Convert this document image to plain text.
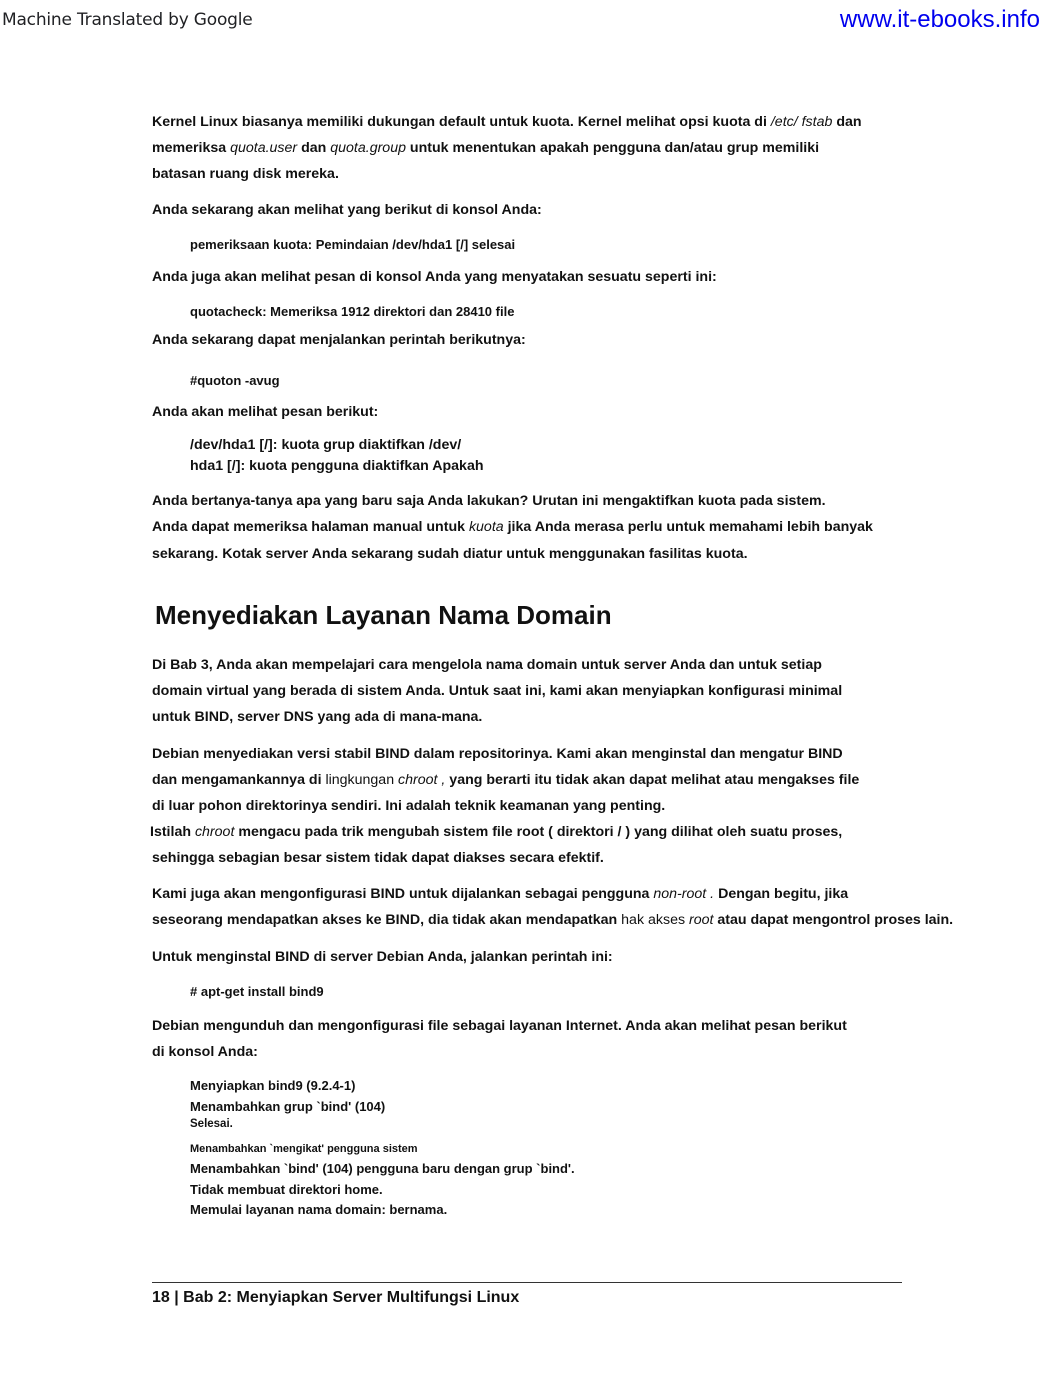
Machine Translated by Google	www.it-ebooks.info
Kernel Linux biasanya memiliki dukungan default untuk kuota. Kernel melihat opsi kuota di /etc/ fstab dan
memeriksa quota.user dan quota.group untuk menentukan apakah pengguna dan/atau grup memiliki
batasan ruang disk mereka.
Anda sekarang akan melihat yang berikut di konsol Anda:
pemeriksaan kuota: Pemindaian /dev/hda1 [/] selesai
Anda juga akan melihat pesan di konsol Anda yang menyatakan sesuatu seperti ini:
quotacheck: Memeriksa 1912 direktori dan 28410 file
Anda sekarang dapat menjalankan perintah berikutnya:
#quoton -avug
Anda akan melihat pesan berikut:
/dev/hda1 [/]: kuota grup diaktifkan /dev/
hda1 [/]: kuota pengguna diaktifkan Apakah
Anda bertanya-tanya apa yang baru saja Anda lakukan? Urutan ini mengaktifkan kuota pada sistem.
Anda dapat memeriksa halaman manual untuk kuota jika Anda merasa perlu untuk memahami lebih banyak
sekarang. Kotak server Anda sekarang sudah diatur untuk menggunakan fasilitas kuota.
Menyediakan Layanan Nama Domain
Di Bab 3, Anda akan mempelajari cara mengelola nama domain untuk server Anda dan untuk setiap
domain virtual yang berada di sistem Anda. Untuk saat ini, kami akan menyiapkan konfigurasi minimal
untuk BIND, server DNS yang ada di mana-mana.
Debian menyediakan versi stabil BIND dalam repositorinya. Kami akan menginstal dan mengatur BIND
dan mengamankannya di lingkungan chroot , yang berarti itu tidak akan dapat melihat atau mengakses file
di luar pohon direktorinya sendiri. Ini adalah teknik keamanan yang penting.
Istilah chroot mengacu pada trik mengubah sistem file root ( direktori / ) yang dilihat oleh suatu proses,
sehingga sebagian besar sistem tidak dapat diakses secara efektif.
Kami juga akan mengonfigurasi BIND untuk dijalankan sebagai pengguna non-root . Dengan begitu, jika
seseorang mendapatkan akses ke BIND, dia tidak akan mendapatkan hak akses root atau dapat mengontrol proses lain.
Untuk menginstal BIND di server Debian Anda, jalankan perintah ini:
# apt-get install bind9
Debian mengunduh dan mengonfigurasi file sebagai layanan Internet. Anda akan melihat pesan berikut
di konsol Anda:
Menyiapkan bind9 (9.2.4-1)
Menambahkan grup `bind' (104)
Selesai.
Menambahkan `mengikat' pengguna sistem
Menambahkan `bind' (104) pengguna baru dengan grup `bind'.
Tidak membuat direktori home.
Memulai layanan nama domain: bernama.
18 | Bab 2: Menyiapkan Server Multifungsi Linux
